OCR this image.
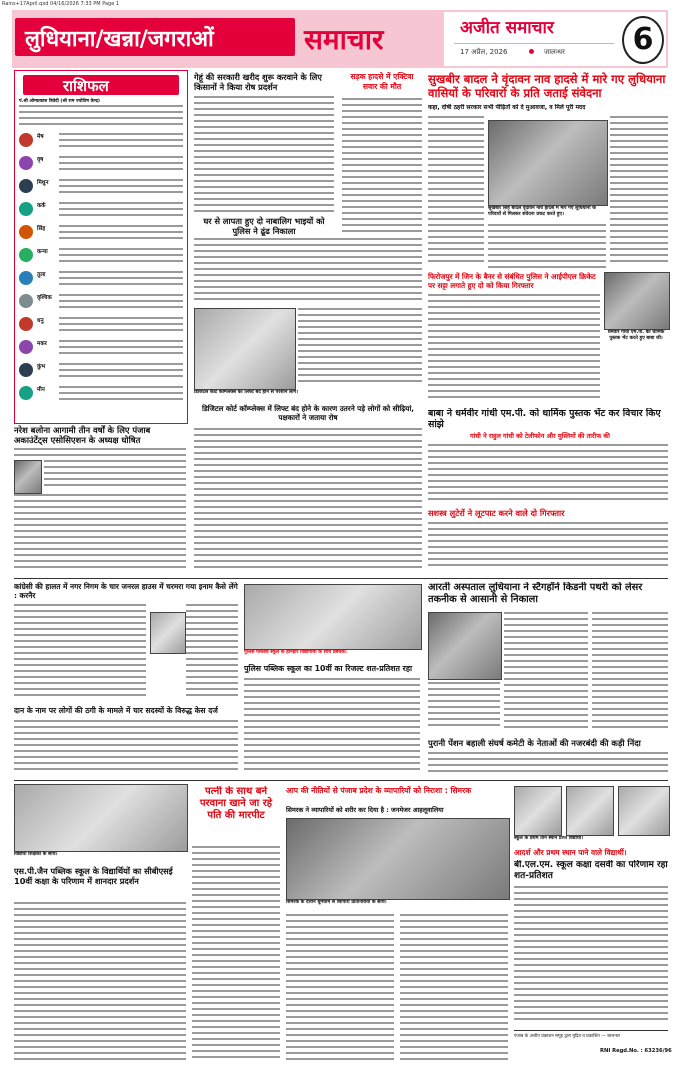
Rains+17April.qxd 04/16/2026 7:33 PM Page 1
लुधियाना/खन्ना/जगराओं	समाचार	अजीत समाचार
17 अप्रैल, 2026	जालन्धर	6
राशिफल
पं.श्री ओमप्रकाश त्रिवेदी (श्री राम ज्योतिष केन्द्र)
मेष
वृष
मिथुन
कर्क
सिंह
कन्या
तुला
वृश्चिक
धनु
मकर
कुंभ
मीन
नरेश बलोना आगामी तीन वर्षों के लिए पंजाब अकाउंटेंट्स एसोसिएशन के अध्यक्ष घोषित
गेहूं की सरकारी खरीद शुरू करवाने के लिए किसानों ने किया रोष प्रदर्शन
सड़क हादसे में एक्टिवा सवार की मौत
घर से लापता हुए दो नाबालिग भाइयों को पुलिस ने ढूंढ निकाला
डिजिटल कोर्ट कॉम्प्लेक्स की लिफ्ट बंद होने से परेशान लोग।
डिजिटल कोर्ट कॉम्प्लेक्स में लिफ्ट बंद होने के कारण उतरने पड़े लोगों को सीढ़ियां, पक्षकारों ने जताया रोष
सुखबीर बादल ने वृंदावन नाव हादसे में मारे गए लुधियाना वासियों के परिवारों के प्रति जताई संवेदना
कहा, दोषी ठहरी सरकार सभी पीड़ितों को दे मुआवजा, व मिले पूरी मदद
सुखबीर सिंह बादल वृंदावन नाव हादसे में मारे गए लुधियाना के परिवारों से मिलकर संवेदना प्रकट करते हुए।
फिरोजपुर में जिन के बैनर से संबंधित पुलिस ने आईपीएल क्रिकेट पर सट्टा लगाते हुए दो को किया गिरफ्तार
धर्मवीर गांधी एम.पी. को धार्मिक पुस्तक भेंट करते हुए बाबा जी।
बाबा ने धर्मवीर गांधी एम.पी. को धार्मिक पुस्तक भेंट कर विचार किए सांझे
गांधी ने राहुल गांधी को टेलीफोन और मुस्लिमों की तारीफ की
सशस्त्र लुटेरों ने लूटपाट करने वाले दो गिरफ्तार
कांग्रेसी की हालत में नगर निगम के चार जनरल हाउस में चरमरा गया इनाम कैसे लेंगे : करनैर
दान के नाम पर लोगों की ठगी के मामले में चार सदस्यों के विरुद्ध केस दर्ज
पुलिस पब्लिक स्कूल के होनहार विद्यार्थियों के साथ प्रबंधक।
पुलिस पब्लिक स्कूल का 10वीं का रिजल्ट शत-प्रतिशत रहा
आरती अस्पताल लुधियाना ने स्टैगहॉर्न किडनी पथरी को लेसर तकनीक से आसानी से निकाला
पुरानी पेंशन बहाली संघर्ष कमेटी के नेताओं की नजरबंदी की कड़ी निंदा
विद्यार्थी शिक्षकों के साथ।
एस.पी.जैन पब्लिक स्कूल के विद्यार्थियों का सीबीएसई 10वीं कक्षा के परिणाम में शानदार प्रदर्शन
पत्नी के साथ बने परवाना खाने जा रहे पति की मारपीट
आप की नीतियों से पंजाब प्रदेश के व्यापारियों को निराशा : सिमरक
सिमरक ने व्यापारियों को शरीर कर दिया है : जनमेजर आहलूवालिया
सिमरक के दौरान धूमधाम से व्यापारी प्रतिनिधियों के साथ।
स्कूल के प्रथम तीन स्थान प्राप्त विद्यार्थी।
आदर्श और प्रथम स्थान पाने वाले विद्यार्थी।
बी.एल.एम. स्कूल कक्षा दसवीं का परिणाम रहा शत-प्रतिशत
पंजाब के अजीत प्रकाशन समूह द्वारा मुद्रित व प्रकाशित — जालन्धर
RNI Regd.No. : 63236/96
